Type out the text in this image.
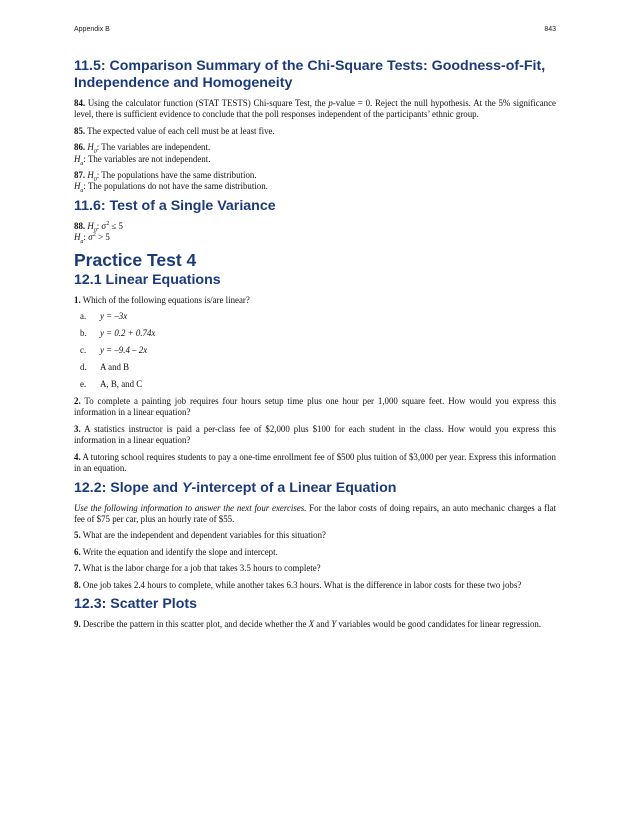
Appendix B	843
11.5: Comparison Summary of the Chi-Square Tests: Goodness-of-Fit, Independence and Homogeneity

84. Using the calculator function (STAT TESTS) Chi-square Test, the p-value = 0. Reject the null hypothesis. At the 5% significance level, there is sufficient evidence to conclude that the poll responses independent of the participants’ ethnic group.

85. The expected value of each cell must be at least five.

86. $H_0$: The variables are independent.

$H_a$: The variables are not independent.

87. $H_0$: The populations have the same distribution.

$H_a$: The populations do not have the same distribution.

11.6: Test of a Single Variance

88. $H_0$: $\sigma^2 \le 5$

$H_a$: $\sigma^2 > 5$

Practice Test 4
12.1 Linear Equations

1. Which of the following equations is/are linear?

a.	y = –3x
b.	y = 0.2 + 0.74x
c.	y = –9.4 – 2x
d.	A and B
e.	A, B, and C

2. To complete a painting job requires four hours setup time plus one hour per 1,000 square feet. How would you express this information in a linear equation?

3. A statistics instructor is paid a per-class fee of $2,000 plus $100 for each student in the class. How would you express this information in a linear equation?

4. A tutoring school requires students to pay a one-time enrollment fee of $500 plus tuition of $3,000 per year. Express this information in an equation.

12.2: Slope and Y-intercept of a Linear Equation

Use the following information to answer the next four exercises. For the labor costs of doing repairs, an auto mechanic charges a flat fee of $75 per car, plus an hourly rate of $55.

5. What are the independent and dependent variables for this situation?

6. Write the equation and identify the slope and intercept.

7. What is the labor charge for a job that takes 3.5 hours to complete?

8. One job takes 2.4 hours to complete, while another takes 6.3 hours. What is the difference in labor costs for these two jobs?

12.3: Scatter Plots

9. Describe the pattern in this scatter plot, and decide whether the X and Y variables would be good candidates for linear regression.
